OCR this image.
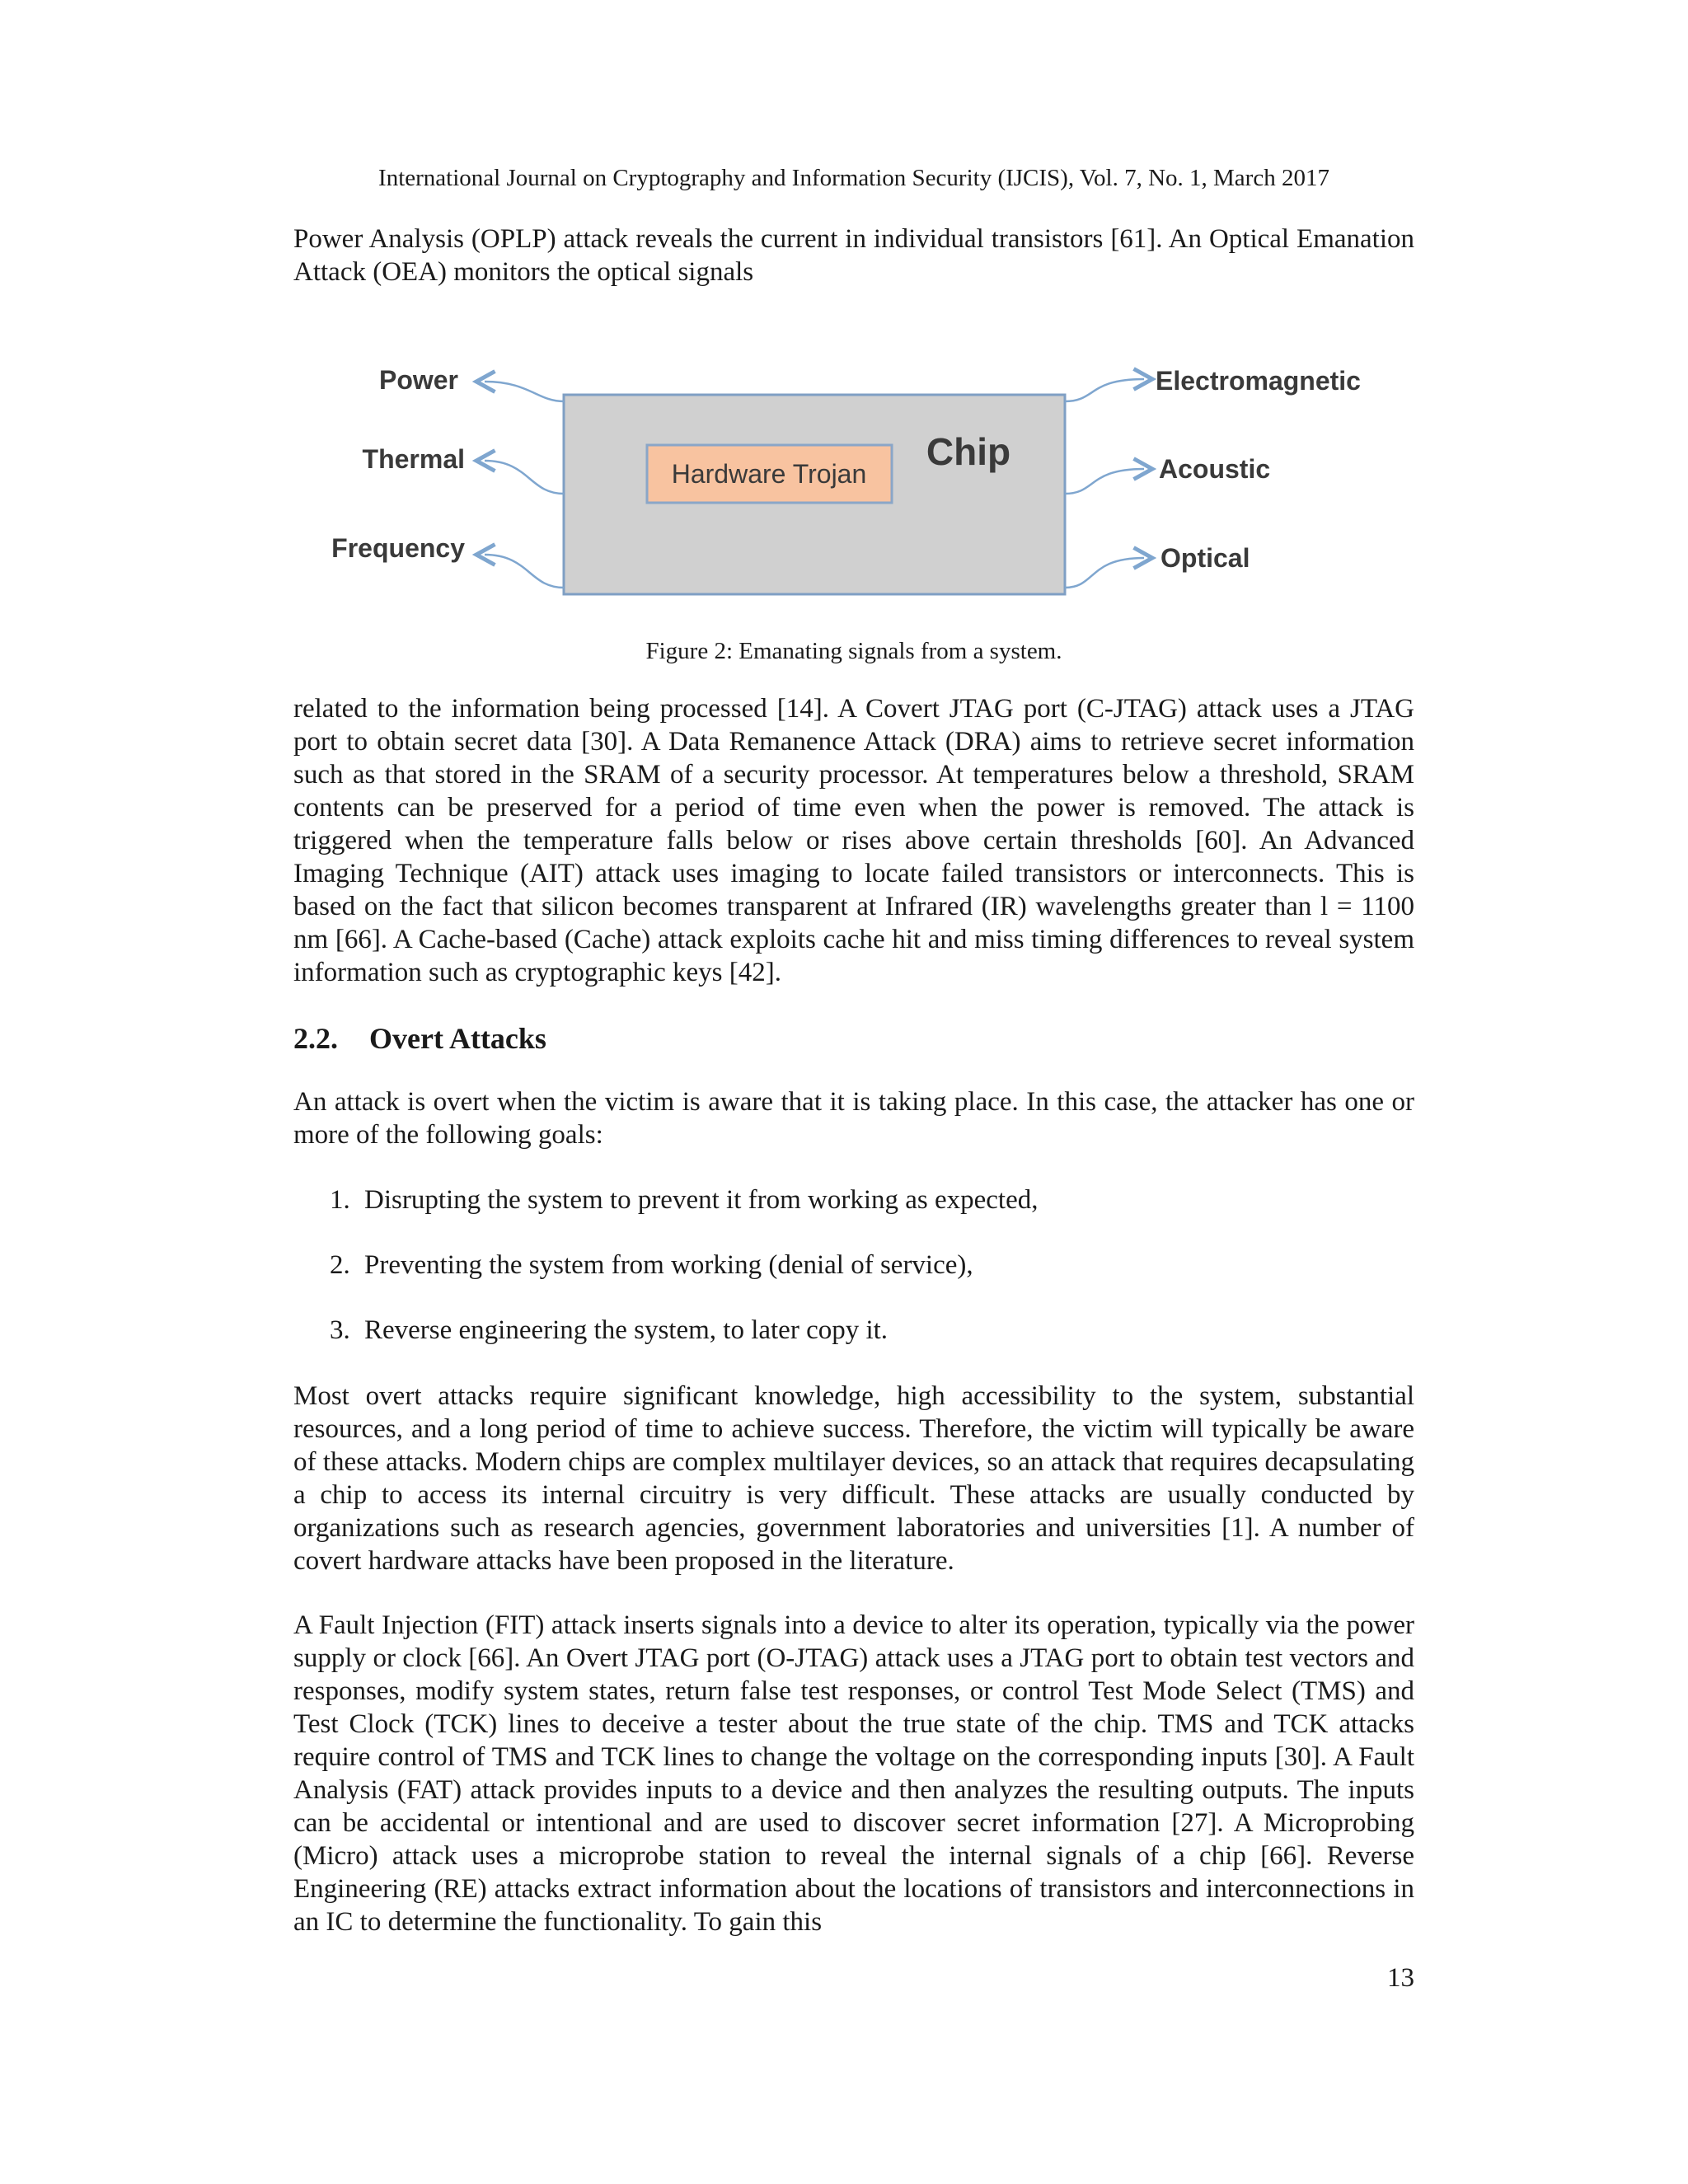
International Journal on Cryptography and Information Security (IJCIS), Vol. 7, No. 1, March 2017

Power Analysis (OPLP) attack reveals the current in individual transistors [61]. An Optical Emanation Attack (OEA) monitors the optical signals

Chip
Hardware Trojan
Power
Thermal
Frequency
Electromagnetic
Acoustic
Optical
Figure 2: Emanating signals from a system.

related to the information being processed [14]. A Covert JTAG port (C-JTAG) attack uses a JTAG port to obtain secret data [30]. A Data Remanence Attack (DRA) aims to retrieve secret information such as that stored in the SRAM of a security processor. At temperatures below a threshold, SRAM contents can be preserved for a period of time even when the power is removed. The attack is triggered when the temperature falls below or rises above certain thresholds [60]. An Advanced Imaging Technique (AIT) attack uses imaging to locate failed transistors or interconnects. This is based on the fact that silicon becomes transparent at Infrared (IR) wavelengths greater than l = 1100 nm [66]. A Cache-based (Cache) attack exploits cache hit and miss timing differences to reveal system information such as cryptographic keys [42].

2.2. Overt Attacks

An attack is overt when the victim is aware that it is taking place. In this case, the attacker has one or more of the following goals:

1. Disrupting the system to prevent it from working as expected,
2. Preventing the system from working (denial of service),
3. Reverse engineering the system, to later copy it.

Most overt attacks require significant knowledge, high accessibility to the system, substantial resources, and a long period of time to achieve success. Therefore, the victim will typically be aware of these attacks. Modern chips are complex multilayer devices, so an attack that requires decapsulating a chip to access its internal circuitry is very difficult. These attacks are usually conducted by organizations such as research agencies, government laboratories and universities [1]. A number of covert hardware attacks have been proposed in the literature.

A Fault Injection (FIT) attack inserts signals into a device to alter its operation, typically via the power supply or clock [66]. An Overt JTAG port (O-JTAG) attack uses a JTAG port to obtain test vectors and responses, modify system states, return false test responses, or control Test Mode Select (TMS) and Test Clock (TCK) lines to deceive a tester about the true state of the chip. TMS and TCK attacks require control of TMS and TCK lines to change the voltage on the corresponding inputs [30]. A Fault Analysis (FAT) attack provides inputs to a device and then analyzes the resulting outputs. The inputs can be accidental or intentional and are used to discover secret information [27]. A Microprobing (Micro) attack uses a microprobe station to reveal the internal signals of a chip [66]. Reverse Engineering (RE) attacks extract information about the locations of transistors and interconnections in an IC to determine the functionality. To gain this

13
